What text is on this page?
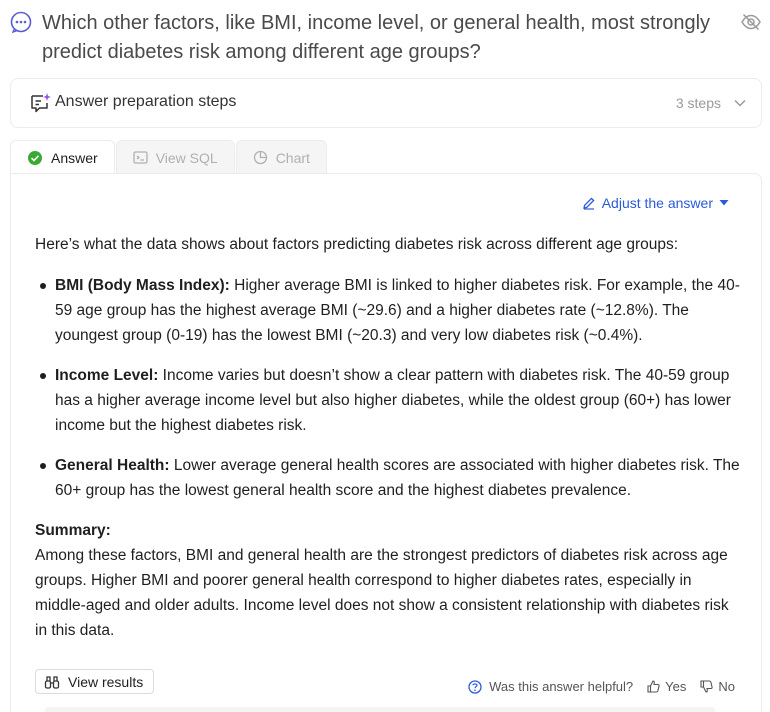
Which other factors, like BMI, income level, or general health, most strongly predict diabetes risk among different age groups?
Answer preparation steps	3 steps
Answer	View SQL	Chart
Adjust the answer

Here’s what the data shows about factors predicting diabetes risk across different age groups:

BMI (Body Mass Index): Higher average BMI is linked to higher diabetes risk. For example, the 40-59 age group has the highest average BMI (~29.6) and a higher diabetes rate (~12.8%). The youngest group (0-19) has the lowest BMI (~20.3) and very low diabetes risk (~0.4%).
Income Level: Income varies but doesn’t show a clear pattern with diabetes risk. The 40-59 group has a higher average income level but also higher diabetes, while the oldest group (60+) has lower income but the highest diabetes risk.
General Health: Lower average general health scores are associated with higher diabetes risk. The 60+ group has the lowest general health score and the highest diabetes prevalence.

Summary:

Among these factors, BMI and general health are the strongest predictors of diabetes risk across age groups. Higher BMI and poorer general health correspond to higher diabetes rates, especially in middle-aged and older adults. Income level does not show a consistent relationship with diabetes risk in this data.

View results	Was this answer helpful? Yes No
